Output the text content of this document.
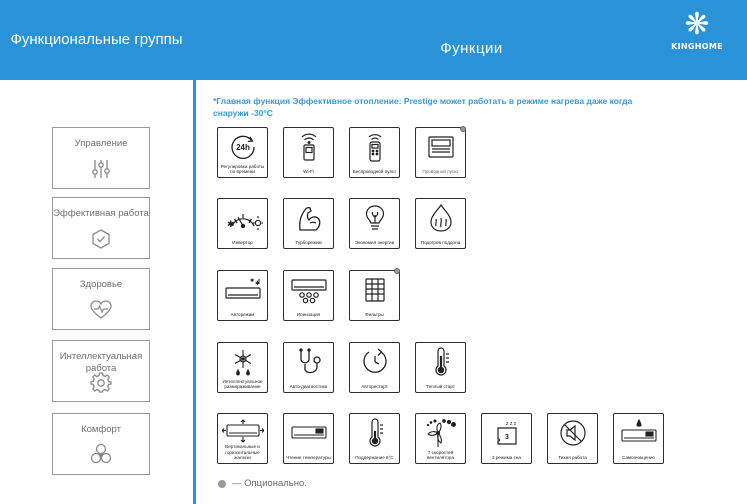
Функциональные группы
Функции
❋
KINGHOME
Управление
Эффективная работа
Здоровье
Интеллектуальная работа
Комфорт
*Главная функция Эффективное отопление: Prestige может работать в режиме нагрева даже когда снаружи -30°С
24h
Регулировка работы по времени	Wi-Fi	Беспроводной пульт	Проводной пульт
✱
Инвертор	Турборежим	Экономия энергии	Подогрев поддона
✱
✱
Авторежим	Ионизация	Фильтры
Интеллектуальное размораживание	Авто-диагностика	Авторестарт	Теплый старт
Вертикальные и горизонтальные жалюзи	Чтение температуры	Поддержание 8°C
7 скоростей вентилятора
z z z
3
3 режима сна	Тихая работа	Самоочищение
— Опционально.
